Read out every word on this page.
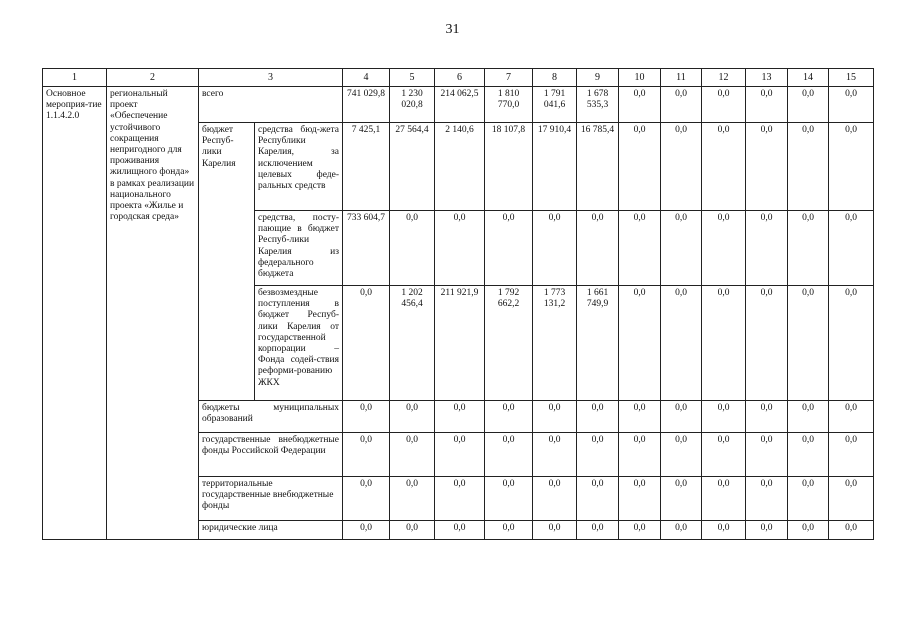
31
1	2	3		4	5	6	7	8	9	10	11	12	13	14	15
Основное мероприя-тие 1.1.4.2.0	региональный проект «Обеспечение устойчивого сокращения непригодного для проживания жилищного фонда» в рамках реализации национального проекта «Жилье и городская среда»	всего		741 029,8	1 230 020,8	214 062,5	1 810 770,0	1 791 041,6	1 678 535,3	0,0	0,0	0,0	0,0	0,0	0,0
		бюджет Респуб-лики Карелия	средства бюд-жета Республики Карелия, за исключением целевых феде-ральных средств	7 425,1	27 564,4	2 140,6	18 107,8	17 910,4	16 785,4	0,0	0,0	0,0	0,0	0,0	0,0
			средства, посту-пающие в бюджет Респуб-лики Карелия из федерального бюджета	733 604,7	0,0	0,0	0,0	0,0	0,0	0,0	0,0	0,0	0,0	0,0	0,0
			безвозмездные поступления в бюджет Респуб-лики Карелия от государственной корпорации – Фонда содей-ствия реформи-рованию ЖКХ	0,0	1 202 456,4	211 921,9	1 792 662,2	1 773 131,2	1 661 749,9	0,0	0,0	0,0	0,0	0,0	0,0
		бюджеты муниципальных образований		0,0	0,0	0,0	0,0	0,0	0,0	0,0	0,0	0,0	0,0	0,0	0,0
		государственные внебюджетные фонды Российской Федерации		0,0	0,0	0,0	0,0	0,0	0,0	0,0	0,0	0,0	0,0	0,0	0,0
		территориальные государственные внебюджетные фонды		0,0	0,0	0,0	0,0	0,0	0,0	0,0	0,0	0,0	0,0	0,0	0,0
		юридические лица		0,0	0,0	0,0	0,0	0,0	0,0	0,0	0,0	0,0	0,0	0,0	0,0
